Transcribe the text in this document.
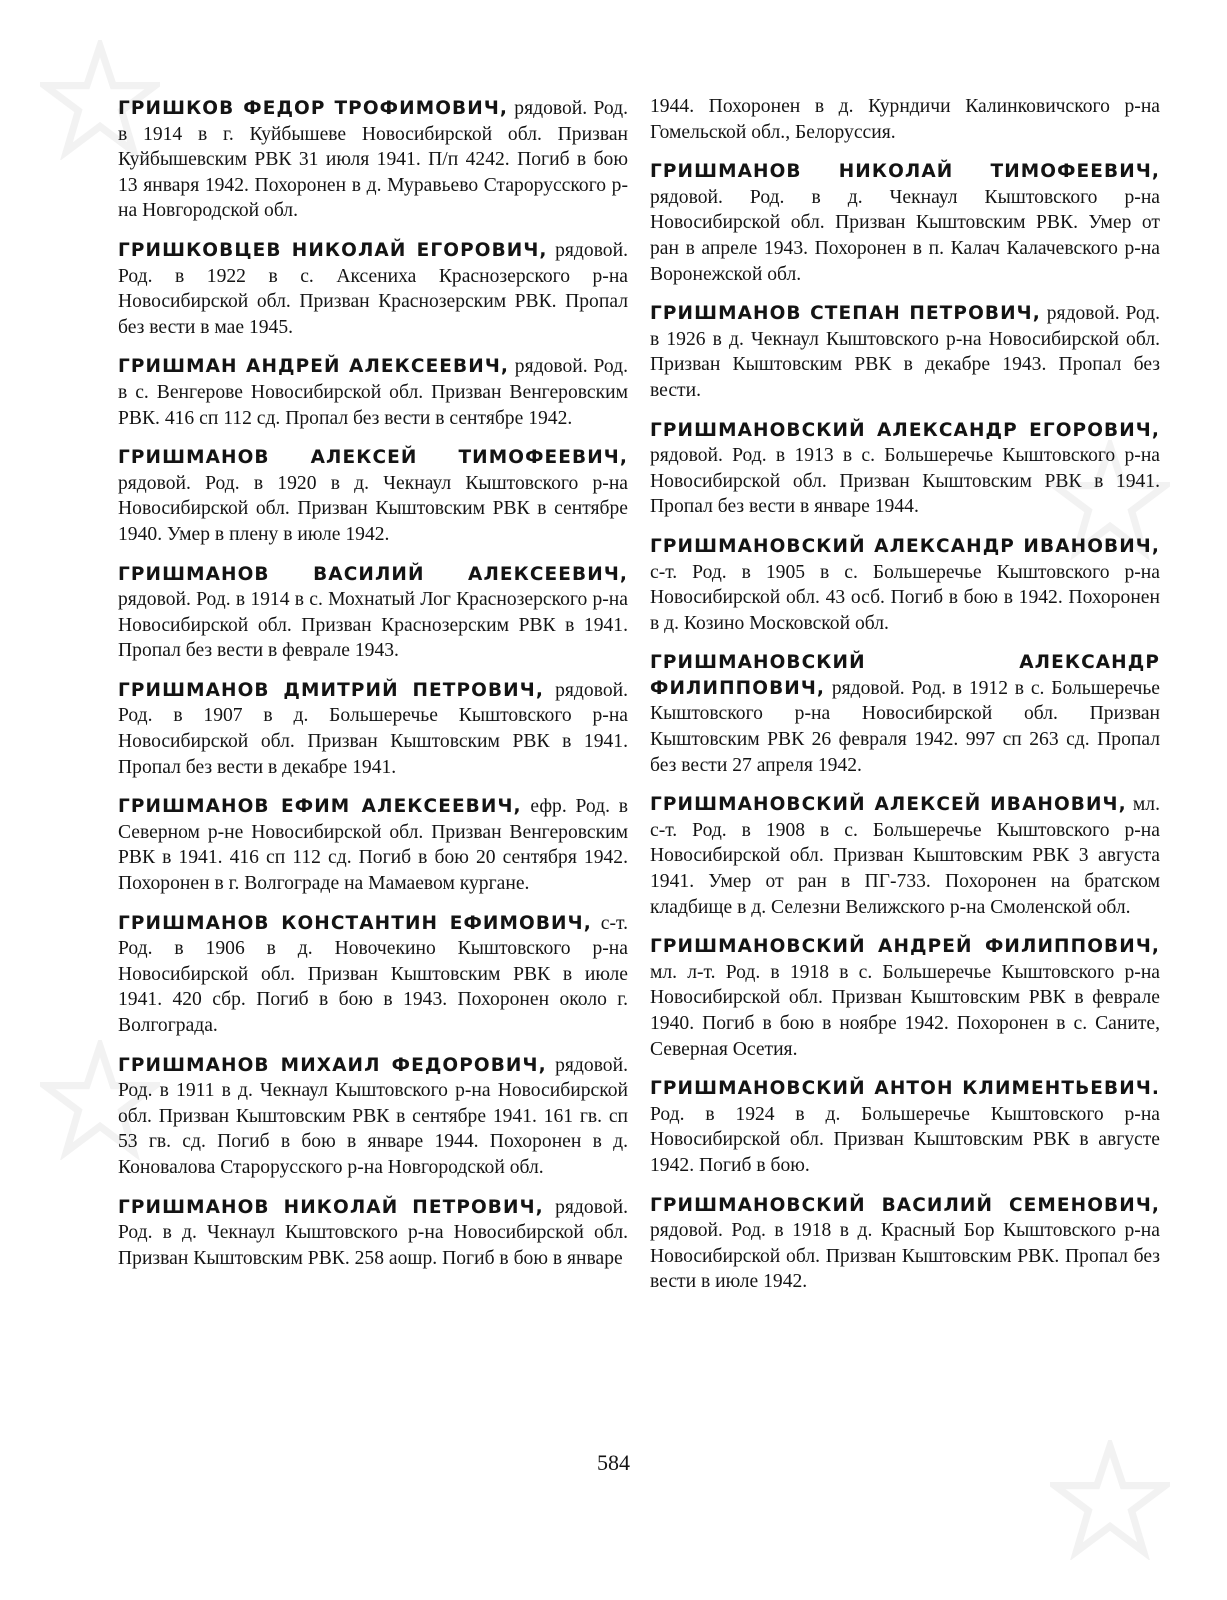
ГРИШКОВ ФЕДОР ТРОФИМОВИЧ, рядовой. Род. в 1914 в г. Куйбышеве Новосибирской обл. Призван Куйбышевским РВК 31 июля 1941. П/п 4242. Погиб в бою 13 января 1942. Похоронен в д. Муравьево Старорусского р-на Новгородской обл.

ГРИШКОВЦЕВ НИКОЛАЙ ЕГОРОВИЧ, рядовой. Род. в 1922 в с. Аксениха Краснозерского р-на Новосибирской обл. Призван Краснозерским РВК. Пропал без вести в мае 1945.

ГРИШМАН АНДРЕЙ АЛЕКСЕЕВИЧ, рядовой. Род. в с. Венгерове Новосибирской обл. Призван Венгеровским РВК. 416 сп 112 сд. Пропал без вести в сентябре 1942.

ГРИШМАНОВ АЛЕКСЕЙ ТИМОФЕЕВИЧ, рядовой. Род. в 1920 в д. Чекнаул Кыштовского р-на Новосибирской обл. Призван Кыштовским РВК в сентябре 1940. Умер в плену в июле 1942.

ГРИШМАНОВ ВАСИЛИЙ АЛЕКСЕЕВИЧ, рядовой. Род. в 1914 в с. Мохнатый Лог Краснозерского р-на Новосибирской обл. Призван Краснозерским РВК в 1941. Пропал без вести в феврале 1943.

ГРИШМАНОВ ДМИТРИЙ ПЕТРОВИЧ, рядовой. Род. в 1907 в д. Большеречье Кыштовского р-на Новосибирской обл. Призван Кыштовским РВК в 1941. Пропал без вести в декабре 1941.

ГРИШМАНОВ ЕФИМ АЛЕКСЕЕВИЧ, ефр. Род. в Северном р-не Новосибирской обл. Призван Венгеровским РВК в 1941. 416 сп 112 сд. Погиб в бою 20 сентября 1942. Похоронен в г. Волгограде на Мамаевом кургане.

ГРИШМАНОВ КОНСТАНТИН ЕФИМОВИЧ, с-т. Род. в 1906 в д. Новочекино Кыштовского р-на Новосибирской обл. Призван Кыштовским РВК в июле 1941. 420 сбр. Погиб в бою в 1943. Похоронен около г. Волгограда.

ГРИШМАНОВ МИХАИЛ ФЕДОРОВИЧ, рядовой. Род. в 1911 в д. Чекнаул Кыштовского р-на Новосибирской обл. Призван Кыштовским РВК в сентябре 1941. 161 гв. сп 53 гв. сд. Погиб в бою в январе 1944. Похоронен в д. Коновалова Старорусского р-на Новгородской обл.

ГРИШМАНОВ НИКОЛАЙ ПЕТРОВИЧ, рядовой. Род. в д. Чекнаул Кыштовского р-на Новосибирской обл. Призван Кыштовским РВК. 258 аошр. Погиб в бою в январе

1944. Похоронен в д. Курндичи Калинковичского р-на Гомельской обл., Белоруссия.

ГРИШМАНОВ НИКОЛАЙ ТИМОФЕЕВИЧ, рядовой. Род. в д. Чекнаул Кыштовского р-на Новосибирской обл. Призван Кыштовским РВК. Умер от ран в апреле 1943. Похоронен в п. Калач Калачевского р-на Воронежской обл.

ГРИШМАНОВ СТЕПАН ПЕТРОВИЧ, рядовой. Род. в 1926 в д. Чекнаул Кыштовского р-на Новосибирской обл. Призван Кыштовским РВК в декабре 1943. Пропал без вести.

ГРИШМАНОВСКИЙ АЛЕКСАНДР ЕГОРОВИЧ, рядовой. Род. в 1913 в с. Большеречье Кыштовского р-на Новосибирской обл. Призван Кыштовским РВК в 1941. Пропал без вести в январе 1944.

ГРИШМАНОВСКИЙ АЛЕКСАНДР ИВАНОВИЧ, с-т. Род. в 1905 в с. Большеречье Кыштовского р-на Новосибирской обл. 43 осб. Погиб в бою в 1942. Похоронен в д. Козино Московской обл.

ГРИШМАНОВСКИЙ АЛЕКСАНДР ФИЛИППОВИЧ, рядовой. Род. в 1912 в с. Большеречье Кыштовского р-на Новосибирской обл. Призван Кыштовским РВК 26 февраля 1942. 997 сп 263 сд. Пропал без вести 27 апреля 1942.

ГРИШМАНОВСКИЙ АЛЕКСЕЙ ИВАНОВИЧ, мл. с-т. Род. в 1908 в с. Большеречье Кыштовского р-на Новосибирской обл. Призван Кыштовским РВК 3 августа 1941. Умер от ран в ПГ-733. Похоронен на братском кладбище в д. Селезни Велижского р-на Смоленской обл.

ГРИШМАНОВСКИЙ АНДРЕЙ ФИЛИППОВИЧ, мл. л-т. Род. в 1918 в с. Большеречье Кыштовского р-на Новосибирской обл. Призван Кыштовским РВК в феврале 1940. Погиб в бою в ноябре 1942. Похоронен в с. Саните, Северная Осетия.

ГРИШМАНОВСКИЙ АНТОН КЛИМЕНТЬЕВИЧ. Род. в 1924 в д. Большеречье Кыштовского р-на Новосибирской обл. Призван Кыштовским РВК в августе 1942. Погиб в бою.

ГРИШМАНОВСКИЙ ВАСИЛИЙ СЕМЕНОВИЧ, рядовой. Род. в 1918 в д. Красный Бор Кыштовского р-на Новосибирской обл. Призван Кыштовским РВК. Пропал без вести в июле 1942.

584
